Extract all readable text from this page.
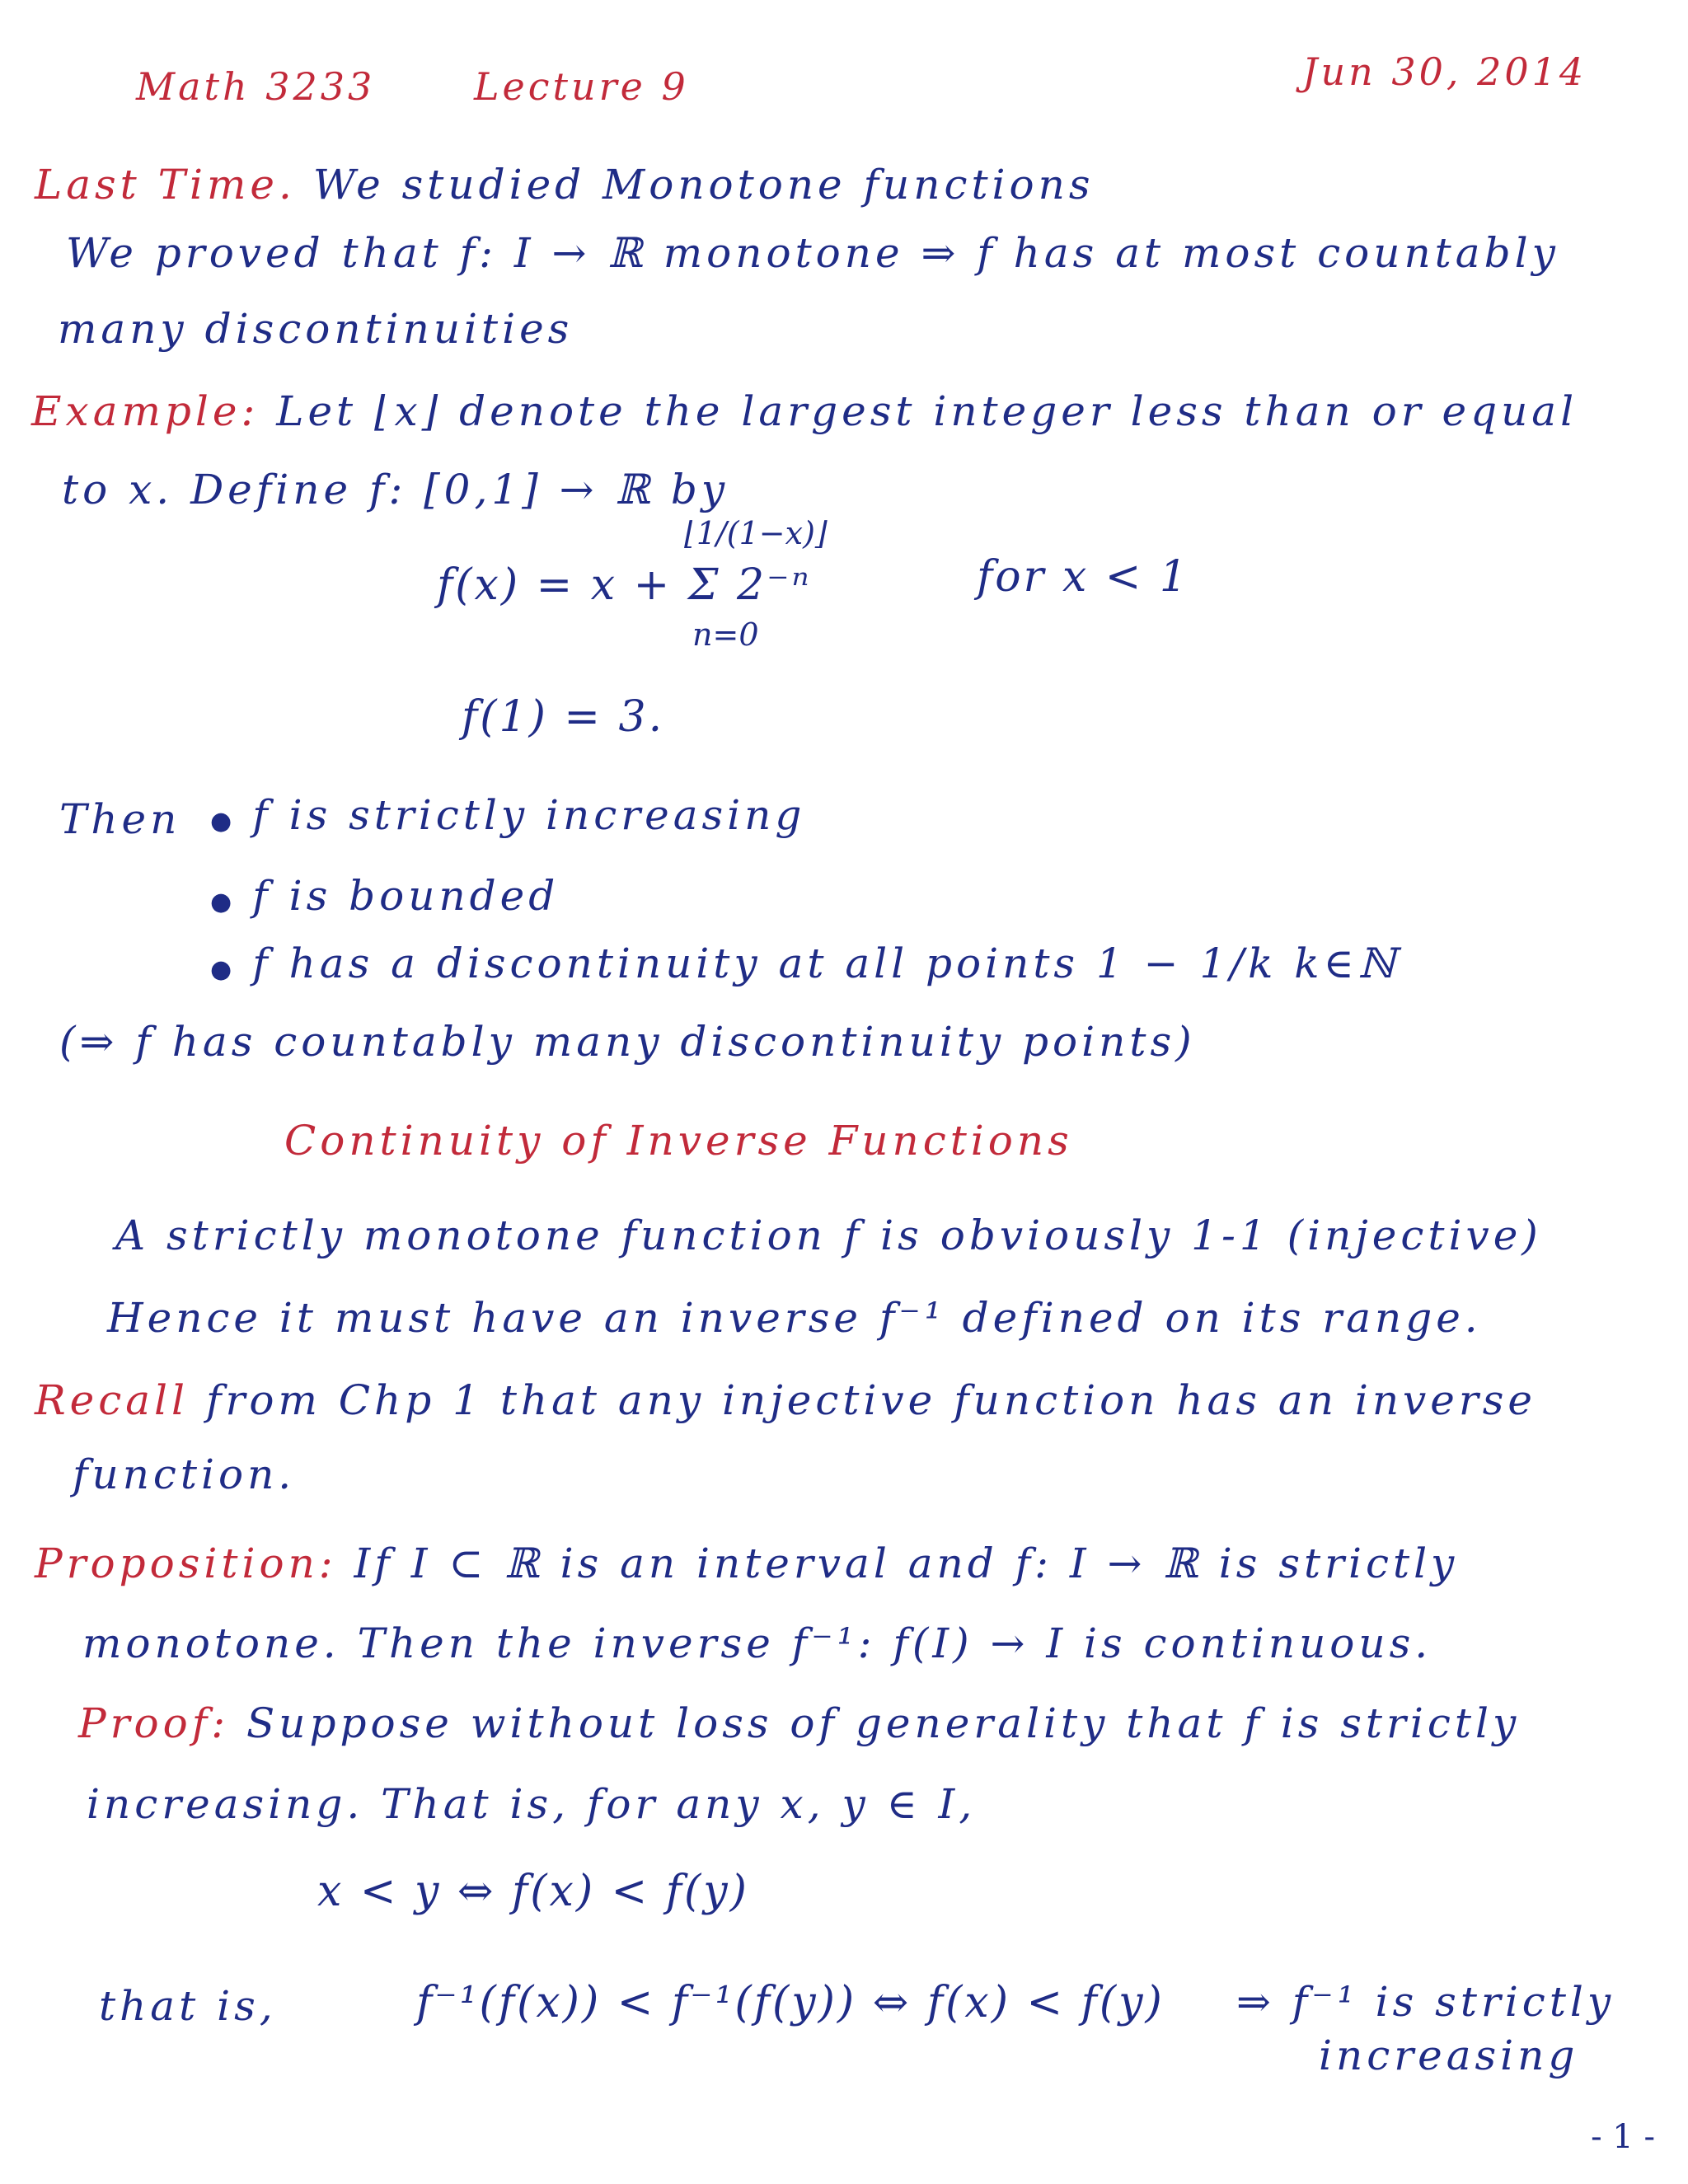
Math 3233	Lecture 9	Jun 30, 2014
Last Time. We studied Monotone functions
We proved that f: I → ℝ monotone ⇒ f has at most countably
many discontinuities
Example: Let ⌊x⌋ denote the largest integer less than or equal
to x. Define f: [0,1] → ℝ by
⌊1/(1−x)⌋
f(x) = x + Σ 2⁻ⁿ	for x < 1
n=0
f(1) = 3.
Then ● f is strictly increasing
● f is bounded
● f has a discontinuity at all points 1 − 1/k k∈ℕ
(⇒ f has countably many discontinuity points)
Continuity of Inverse Functions
A strictly monotone function f is obviously 1-1 (injective)
Hence it must have an inverse f⁻¹ defined on its range.
Recall from Chp 1 that any injective function has an inverse
function.
Proposition: If I ⊂ ℝ is an interval and f: I → ℝ is strictly
monotone. Then the inverse f⁻¹: f(I) → I is continuous.
Proof: Suppose without loss of generality that f is strictly
increasing. That is, for any x, y ∈ I,
x < y ⇔ f(x) < f(y)
that is,	f⁻¹(f(x)) < f⁻¹(f(y)) ⇔ f(x) < f(y) ⇒ f⁻¹ is strictly
increasing
- 1 -
